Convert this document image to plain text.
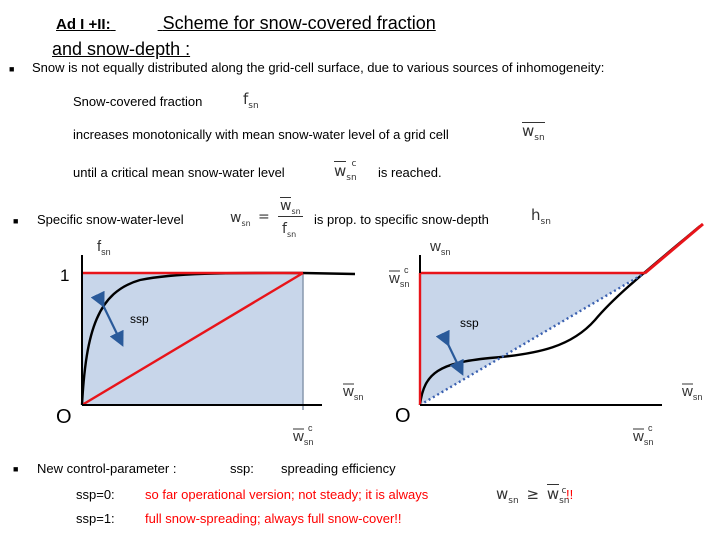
Ad I +II:	Scheme for snow-covered fraction
and snow-depth :
■ Snow is not equally distributed along the grid-cell surface, due to various sources of inhomogeneity:
Snow-covered fraction	$f_{sn}$
increases monotonically with mean snow-water level of a grid cell	$w_{sn}$
until a critical mean snow-water level	$w_{sn}$ $^c$
is reached.
■ Specific snow-water-level	$w_{sn}$ =
$w_{sn}$
$f_{sn}$
is prop. to specific snow-depth	$h_{sn}$
ssp
1
O
$f_{sn}$
$w_{sn}$
$w_{sn}$
c
ssp
O
$w_{sn}$
$w_{sn}$
c
$w_{sn}$
$w_{sn}$
c
■ New control-parameter :	ssp: spreading efficiency
ssp=0: so far operational version; not steady; it is always	$w_{sn} \ge w_{sn}^c$ !!
ssp=1: full snow-spreading; always full snow-cover!!
